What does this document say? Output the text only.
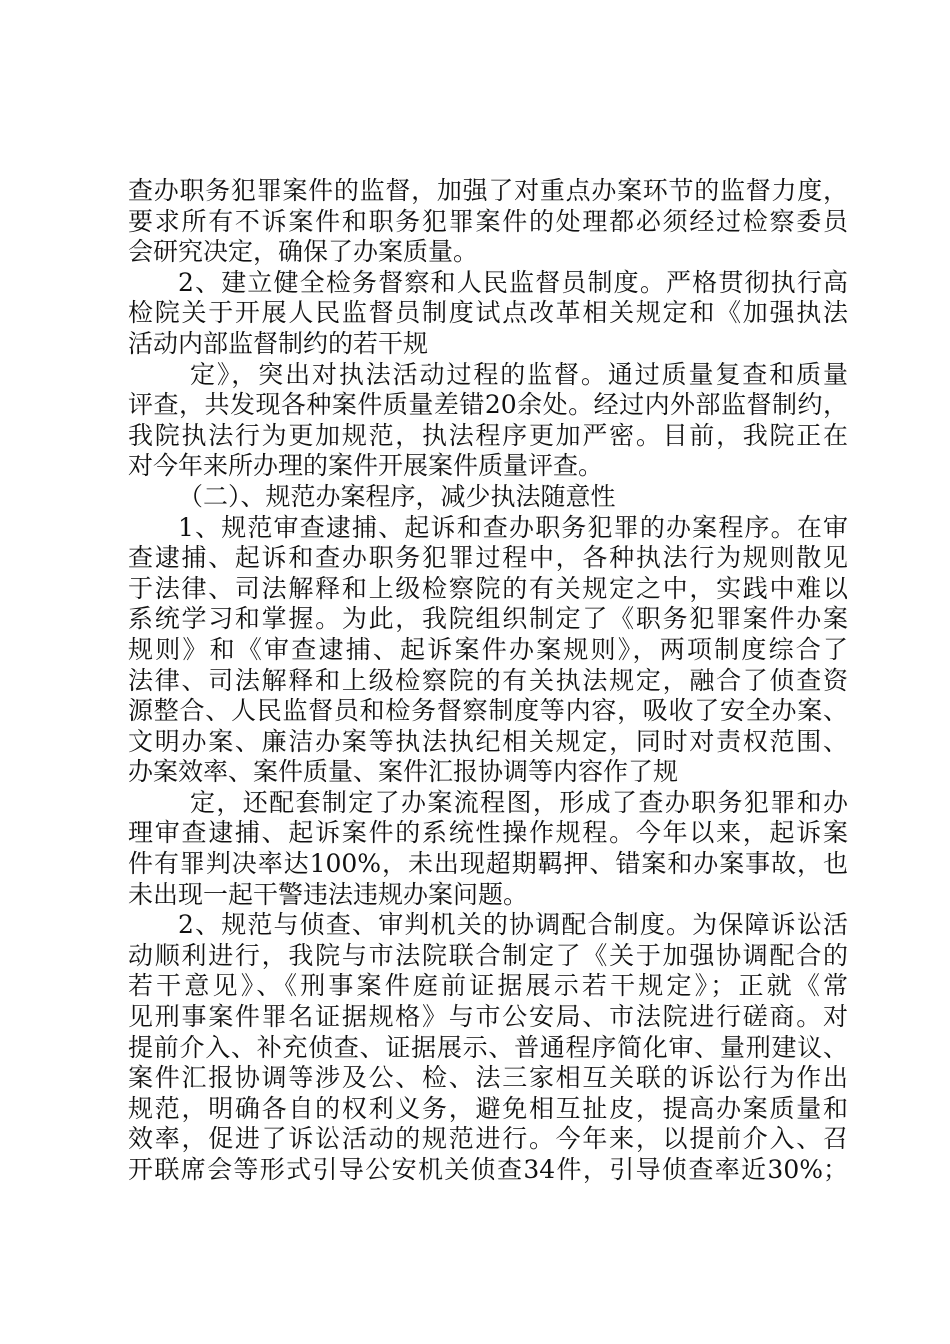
查办职务犯罪案件的监督，加强了对重点办案环节的监督力度，
要求所有不诉案件和职务犯罪案件的处理都必须经过检察委员
会研究决定，确保了办案质量。
2、建立健全检务督察和人民监督员制度。严格贯彻执行高
检院关于开展人民监督员制度试点改革相关规定和《加强执法
活动内部监督制约的若干规
定》，突出对执法活动过程的监督。通过质量复查和质量
评查，共发现各种案件质量差错20余处。经过内外部监督制约，
我院执法行为更加规范，执法程序更加严密。目前，我院正在
对今年来所办理的案件开展案件质量评查。
（二）、规范办案程序，减少执法随意性
1、规范审查逮捕、起诉和查办职务犯罪的办案程序。在审
查逮捕、起诉和查办职务犯罪过程中，各种执法行为规则散见
于法律、司法解释和上级检察院的有关规定之中，实践中难以
系统学习和掌握。为此，我院组织制定了《职务犯罪案件办案
规则》和《审查逮捕、起诉案件办案规则》，两项制度综合了
法律、司法解释和上级检察院的有关执法规定，融合了侦查资
源整合、人民监督员和检务督察制度等内容，吸收了安全办案、
文明办案、廉洁办案等执法执纪相关规定，同时对责权范围、
办案效率、案件质量、案件汇报协调等内容作了规
定，还配套制定了办案流程图，形成了查办职务犯罪和办
理审查逮捕、起诉案件的系统性操作规程。今年以来，起诉案
件有罪判决率达100%，未出现超期羁押、错案和办案事故，也
未出现一起干警违法违规办案问题。
2、规范与侦查、审判机关的协调配合制度。为保障诉讼活
动顺利进行，我院与市法院联合制定了《关于加强协调配合的
若干意见》、《刑事案件庭前证据展示若干规定》；正就《常
见刑事案件罪名证据规格》与市公安局、市法院进行磋商。对
提前介入、补充侦查、证据展示、普通程序简化审、量刑建议、
案件汇报协调等涉及公、检、法三家相互关联的诉讼行为作出
规范，明确各自的权利义务，避免相互扯皮，提高办案质量和
效率，促进了诉讼活动的规范进行。今年来，以提前介入、召
开联席会等形式引导公安机关侦查34件，引导侦查率近30%；
